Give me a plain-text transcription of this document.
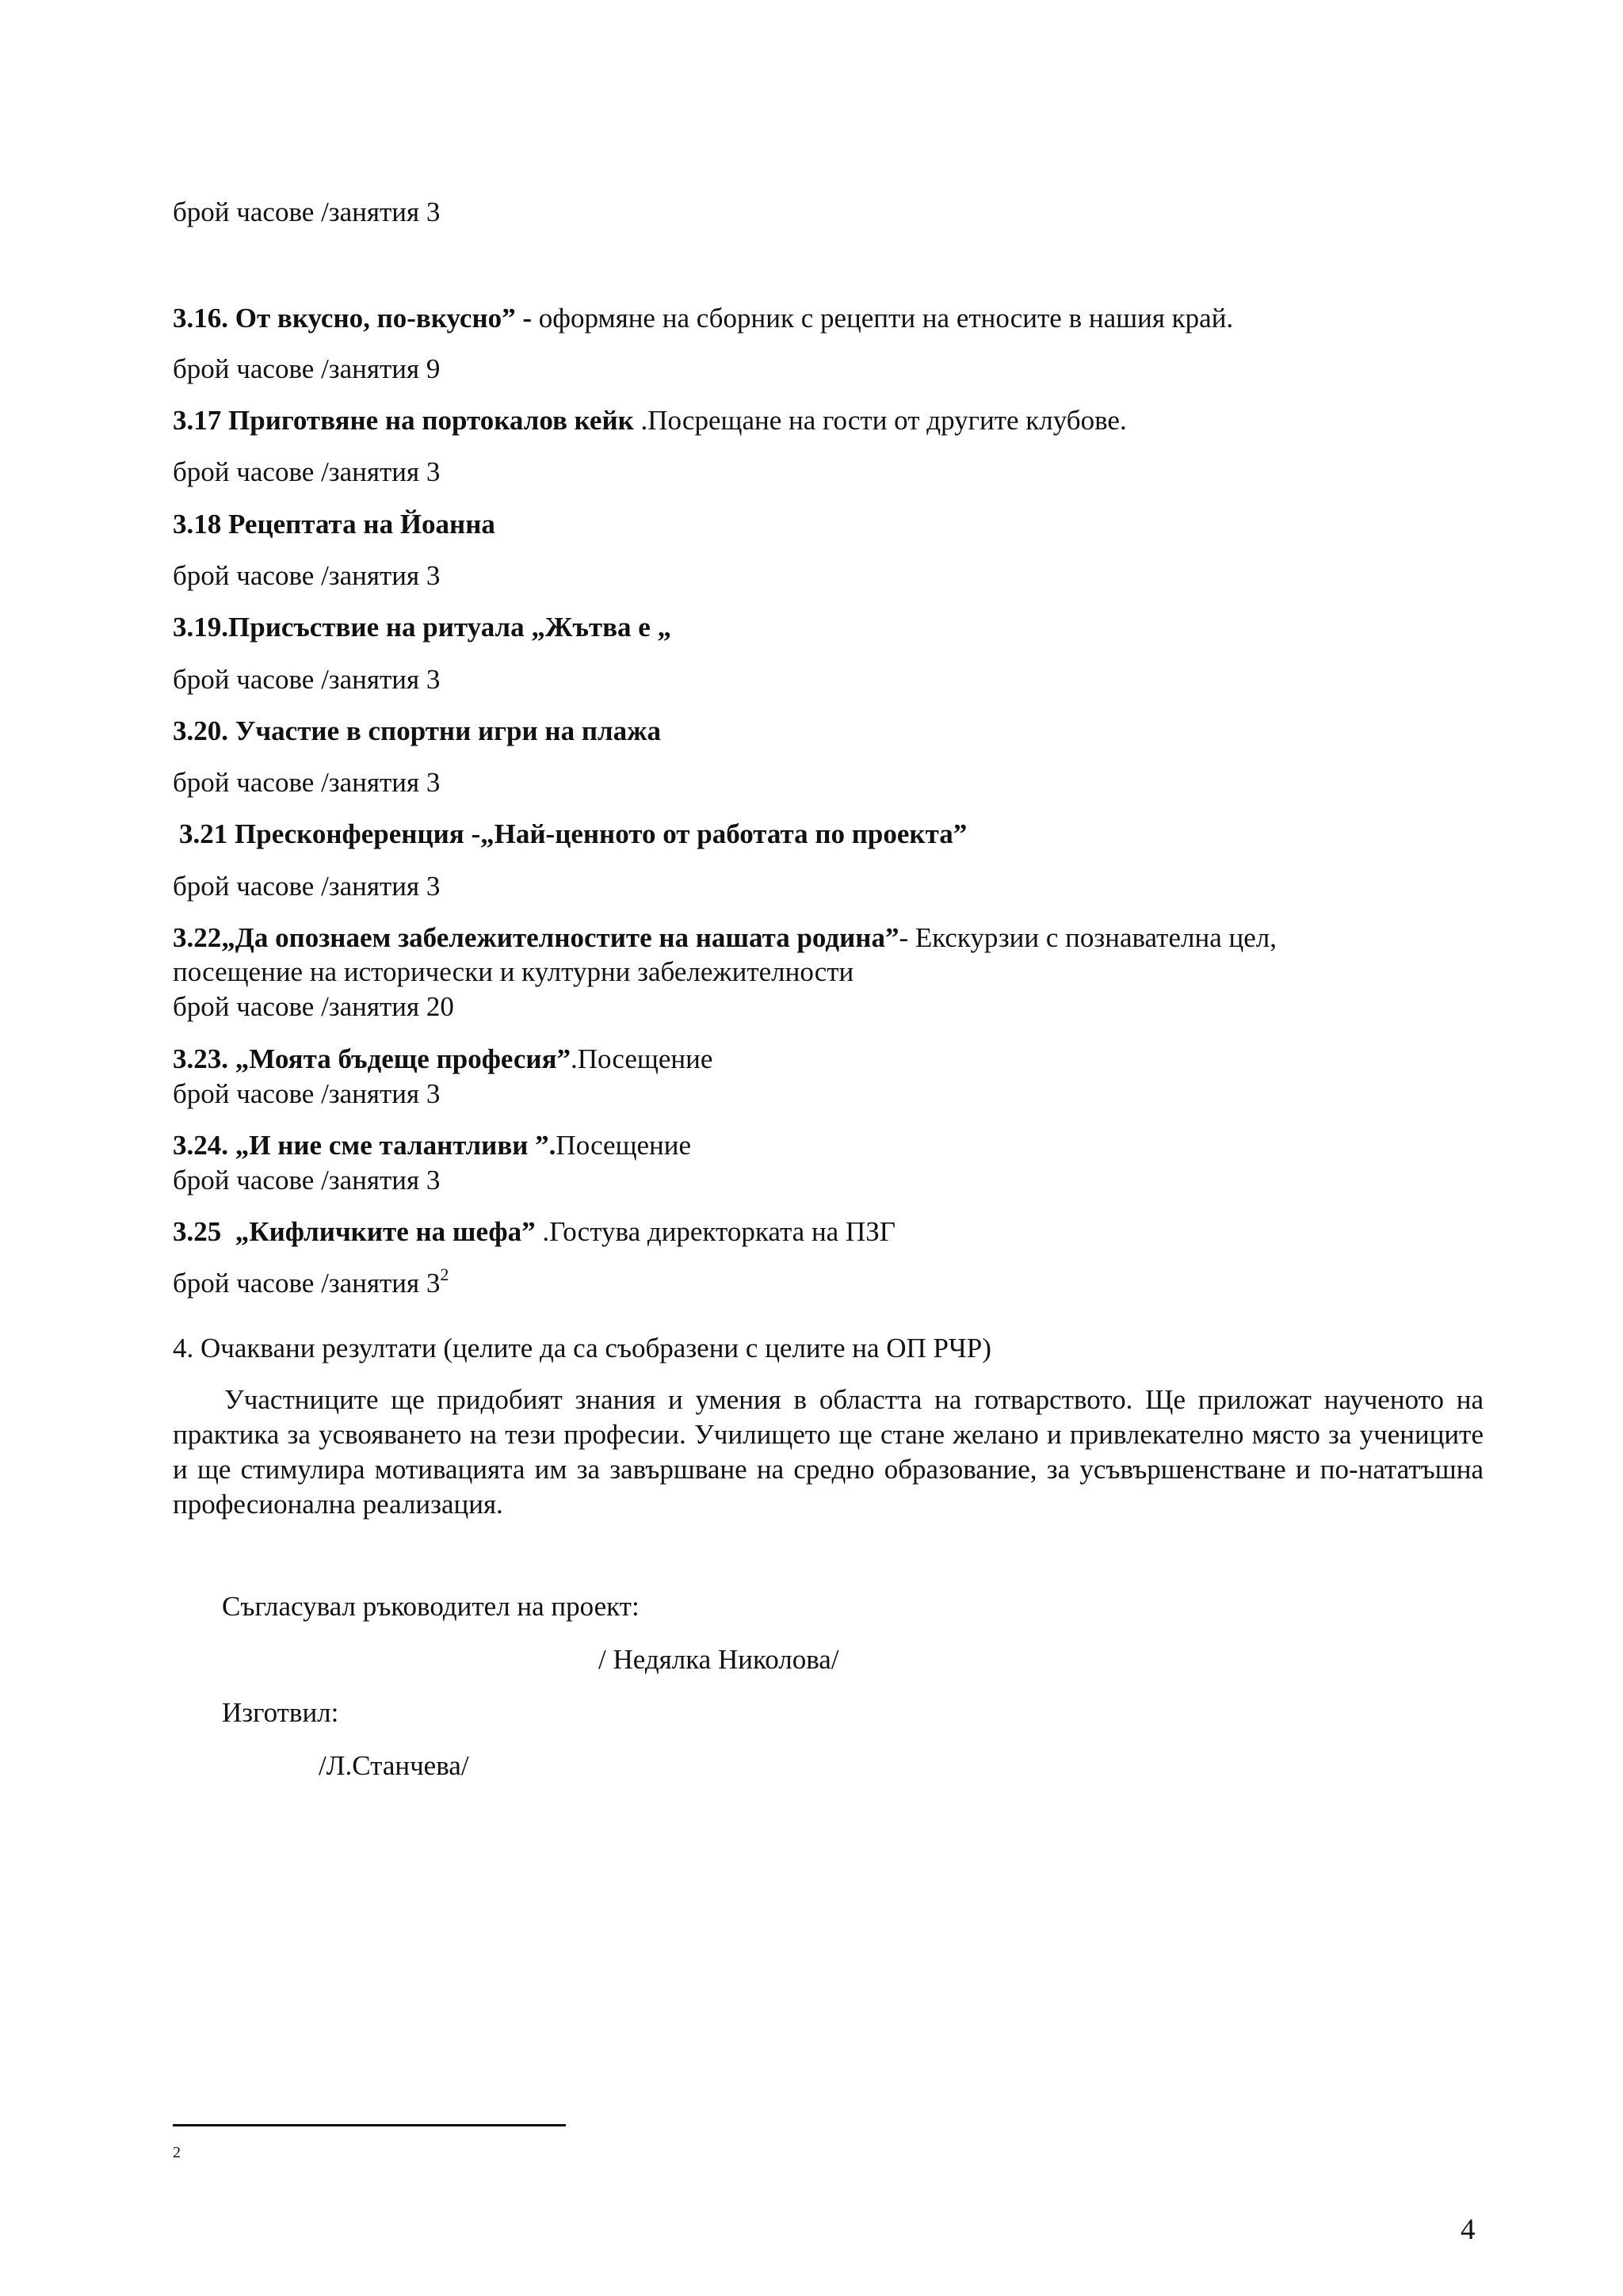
брой часове /занятия 3
3.16. От вкусно, по-вкусно” - оформяне на сборник с рецепти на етносите в нашия край.
брой часове /занятия 9
3.17 Приготвяне на портокалов кейк .Посрещане на гости от другите клубове.
брой часове /занятия 3
3.18 Рецептата на Йоанна
брой часове /занятия 3
3.19.Присъствие на ритуала „Жътва е „
брой часове /занятия 3
3.20. Участие в спортни игри на плажа
брой часове /занятия 3
3.21 Пресконференция -„Най-ценното от работата по проекта”
брой часове /занятия 3
3.22„Да опознаем забележителностите на нашата родина”- Екскурзии с познавателна цел,
посещение на исторически и културни забележителности
брой часове /занятия 20
3.23. „Моята бъдеще професия”.Посещение
брой часове /занятия 3
3.24. „И ние сме талантливи ”.Посещение
брой часове /занятия 3
3.25 „Кифличките на шефа” .Гостува директорката на ПЗГ
брой часове /занятия $3^2$
4. Очаквани резултати (целите да са съобразени с целите на ОП РЧР)
Участниците ще придобият знания и умения в областта на готварството. Ще приложат наученото на практика за усвояването на тези професии. Училището ще стане желано и привлекателно място за учениците и ще стимулира мотивацията им за завършване на средно образование, за усъвършенстване и по-нататъшна професионална реализация.
Съгласувал ръководител на проект:
/ Недялка Николова/
Изготвил:
/Л.Станчева/
2
4
